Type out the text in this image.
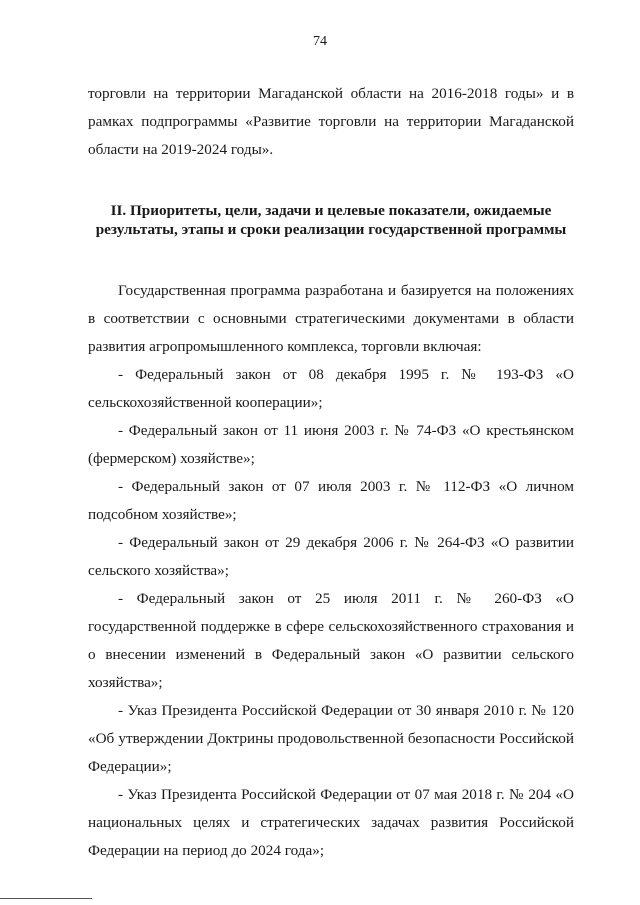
74

торговли на территории Магаданской области на 2016-2018 годы» и в рамках подпрограммы «Развитие торговли на территории Магаданской области на 2019-2024 годы».

II. Приоритеты, цели, задачи и целевые показатели, ожидаемые результаты, этапы и сроки реализации государственной программы

Государственная программа разработана и базируется на положениях в соответствии с основными стратегическими документами в области развития агропромышленного комплекса, торговли включая:

- Федеральный закон от 08 декабря 1995 г. № 193-ФЗ «О сельскохозяйственной кооперации»;

- Федеральный закон от 11 июня 2003 г. № 74-ФЗ «О крестьянском (фермерском) хозяйстве»;

- Федеральный закон от 07 июля 2003 г. № 112-ФЗ «О личном подсобном хозяйстве»;

- Федеральный закон от 29 декабря 2006 г. № 264-ФЗ «О развитии сельского хозяйства»;

- Федеральный закон от 25 июля 2011 г. № 260-ФЗ «О государственной поддержке в сфере сельскохозяйственного страхования и о внесении изменений в Федеральный закон «О развитии сельского хозяйства»;

- Указ Президента Российской Федерации от 30 января 2010 г. № 120 «Об утверждении Доктрины продовольственной безопасности Российской Федерации»;

- Указ Президента Российской Федерации от 07 мая 2018 г. № 204 «О национальных целях и стратегических задачах развития Российской Федерации на период до 2024 года»;
